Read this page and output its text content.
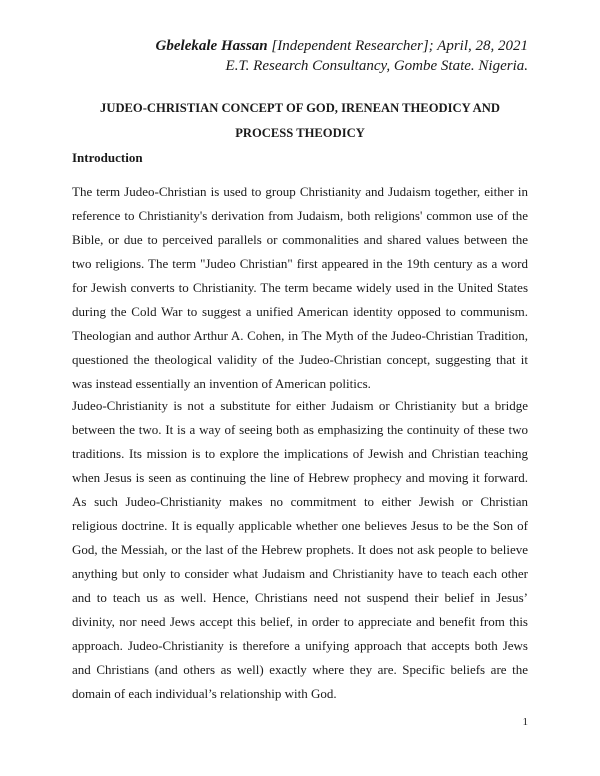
Gbelekale Hassan [Independent Researcher]; April, 28, 2021
E.T. Research Consultancy, Gombe State. Nigeria.
JUDEO-CHRISTIAN CONCEPT OF GOD, IRENEAN THEODICY AND
PROCESS THEODICY
Introduction

The term Judeo-Christian is used to group Christianity and Judaism together, either in reference to Christianity's derivation from Judaism, both religions' common use of the Bible, or due to perceived parallels or commonalities and shared values between the two religions. The term "Judeo Christian" first appeared in the 19th century as a word for Jewish converts to Christianity. The term became widely used in the United States during the Cold War to suggest a unified American identity opposed to communism. Theologian and author Arthur A. Cohen, in The Myth of the Judeo-Christian Tradition, questioned the theological validity of the Judeo-Christian concept, suggesting that it was instead essentially an invention of American politics.

Judeo-Christianity is not a substitute for either Judaism or Christianity but a bridge between the two. It is a way of seeing both as emphasizing the continuity of these two traditions. Its mission is to explore the implications of Jewish and Christian teaching when Jesus is seen as continuing the line of Hebrew prophecy and moving it forward. As such Judeo-Christianity makes no commitment to either Jewish or Christian religious doctrine. It is equally applicable whether one believes Jesus to be the Son of God, the Messiah, or the last of the Hebrew prophets. It does not ask people to believe anything but only to consider what Judaism and Christianity have to teach each other and to teach us as well. Hence, Christians need not suspend their belief in Jesus’ divinity, nor need Jews accept this belief, in order to appreciate and benefit from this approach. Judeo-Christianity is therefore a unifying approach that accepts both Jews and Christians (and others as well) exactly where they are. Specific beliefs are the domain of each individual’s relationship with God.

1
